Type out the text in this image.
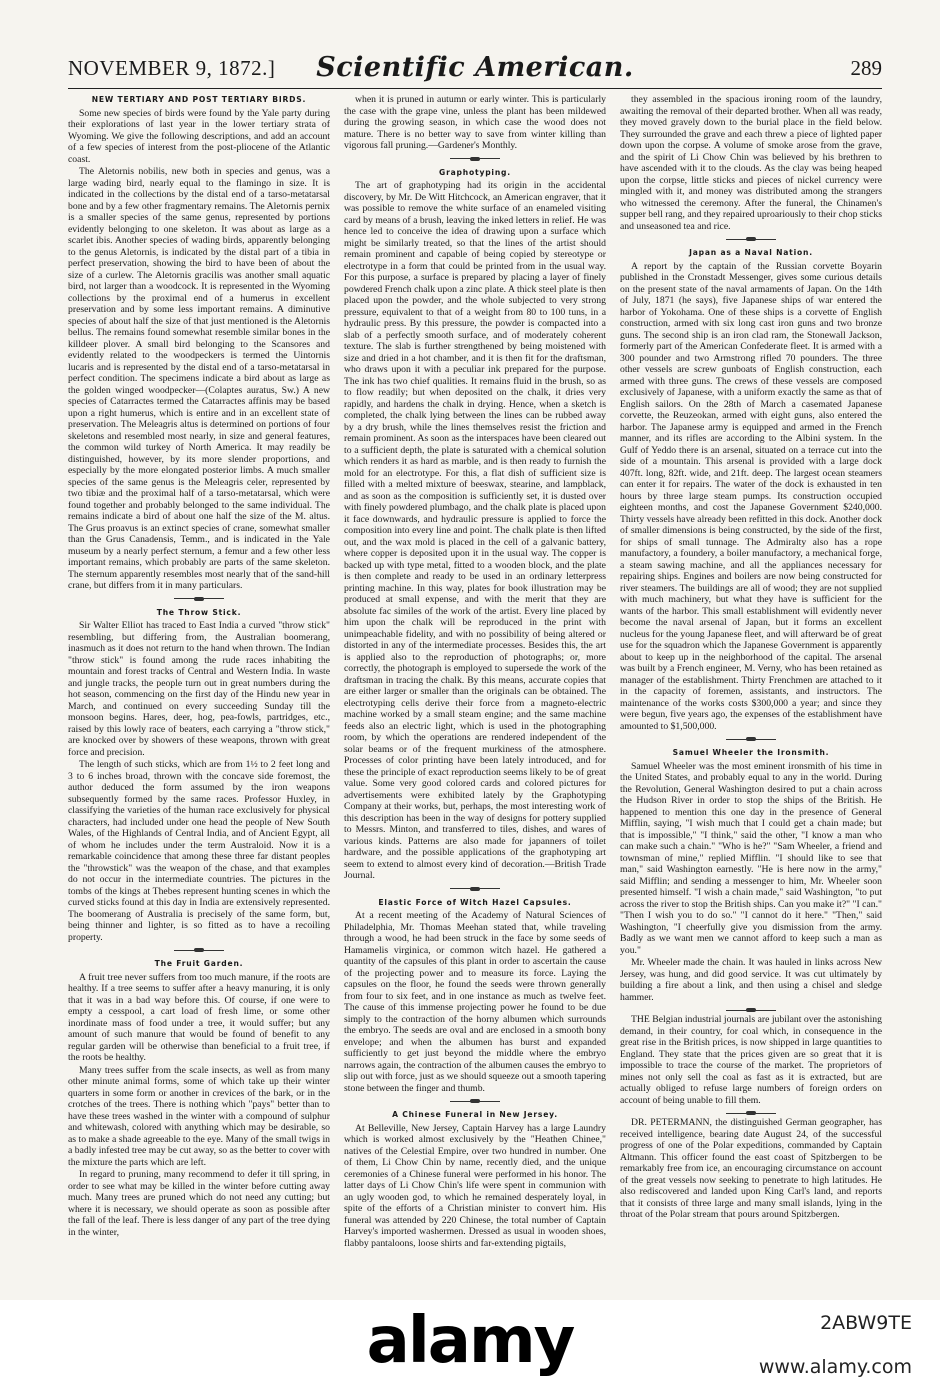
NOVEMBER 9, 1872.]	Scientific American.	289
NEW TERTIARY AND POST TERTIARY BIRDS.

Some new species of birds were found by the Yale party during their explorations of last year in the lower tertiary strata of Wyoming. We give the following descriptions, and add an account of a few species of interest from the post-pliocene of the Atlantic coast.

The Aletornis nobilis, new both in species and genus, was a large wading bird, nearly equal to the flamingo in size. It is indicated in the collections by the distal end of a tarso-metatarsal bone and by a few other fragmentary remains. The Aletornis pernix is a smaller species of the same genus, represented by portions evidently belonging to one skeleton. It was about as large as a scarlet ibis. Another species of wading birds, apparently belonging to the genus Aletornis, is indicated by the distal part of a tibia in perfect preservation, showing the bird to have been of about the size of a curlew. The Aletornis gracilis was another small aquatic bird, not larger than a woodcock. It is represented in the Wyoming collections by the proximal end of a humerus in excellent preservation and by some less important remains. A diminutive species of about half the size of that just mentioned is the Aletornis bellus. The remains found somewhat resemble similar bones in the killdeer plover. A small bird belonging to the Scansores and evidently related to the woodpeckers is termed the Uintornis lucaris and is represented by the distal end of a tarso-metatarsal in perfect condition. The specimens indicate a bird about as large as the golden winged woodpecker—(Colaptes auratus, Sw.) A new species of Catarractes termed the Catarractes affinis may be based upon a right humerus, which is entire and in an excellent state of preservation. The Meleagris altus is determined on portions of four skeletons and resembled most nearly, in size and general features, the common wild turkey of North America. It may readily be distinguished, however, by its more slender proportions, and especially by the more elongated posterior limbs. A much smaller species of the same genus is the Meleagris celer, represented by two tibiæ and the proximal half of a tarso-metatarsal, which were found together and probably belonged to the same individual. The remains indicate a bird of about one half the size of the M. altus. The Grus proavus is an extinct species of crane, somewhat smaller than the Grus Canadensis, Temm., and is indicated in the Yale museum by a nearly perfect sternum, a femur and a few other less important remains, which probably are parts of the same skeleton. The sternum apparently resembles most nearly that of the sand-hill crane, but differs from it in many particulars.

The Throw Stick.

Sir Walter Elliot has traced to East India a curved "throw stick" resembling, but differing from, the Australian boomerang, inasmuch as it does not return to the hand when thrown. The Indian "throw stick" is found among the rude races inhabiting the mountain and forest tracks of Central and Western India. In waste and jungle tracks, the people turn out in great numbers during the hot season, commencing on the first day of the Hindu new year in March, and continued on every succeeding Sunday till the monsoon begins. Hares, deer, hog, pea-fowls, partridges, etc., raised by this lowly race of beaters, each carrying a "throw stick," are knocked over by showers of these weapons, thrown with great force and precision.

The length of such sticks, which are from 1½ to 2 feet long and 3 to 6 inches broad, thrown with the concave side foremost, the author deduced the form assumed by the iron weapons subsequently formed by the same races. Professor Huxley, in classifying the varieties of the human race exclusively for physical characters, had included under one head the people of New South Wales, of the Highlands of Central India, and of Ancient Egypt, all of whom he includes under the term Australoid. Now it is a remarkable coincidence that among these three far distant peoples the "throwstick" was the weapon of the chase, and that examples do not occur in the intermediate countries. The pictures in the tombs of the kings at Thebes represent hunting scenes in which the curved sticks found at this day in India are extensively represented. The boomerang of Australia is precisely of the same form, but, being thinner and lighter, is so fitted as to have a recoiling property.

The Fruit Garden.

A fruit tree never suffers from too much manure, if the roots are healthy. If a tree seems to suffer after a heavy manuring, it is only that it was in a bad way before this. Of course, if one were to empty a cesspool, a cart load of fresh lime, or some other inordinate mass of food under a tree, it would suffer; but any amount of such manure that would be found of benefit to any regular garden will be otherwise than beneficial to a fruit tree, if the roots be healthy.

Many trees suffer from the scale insects, as well as from many other minute animal forms, some of which take up their winter quarters in some form or another in crevices of the bark, or in the crotches of the trees. There is nothing which "pays" better than to have these trees washed in the winter with a compound of sulphur and whitewash, colored with anything which may be desirable, so as to make a shade agreeable to the eye. Many of the small twigs in a badly infested tree may be cut away, so as the better to cover with the mixture the parts which are left.

In regard to pruning, many recommend to defer it till spring, in order to see what may be killed in the winter before cutting away much. Many trees are pruned which do not need any cutting; but where it is necessary, we should operate as soon as possible after the fall of the leaf. There is less danger of any part of the tree dying in the winter,

when it is pruned in autumn or early winter. This is particularly the case with the grape vine, unless the plant has been mildewed during the growing season, in which case the wood does not mature. There is no better way to save from winter killing than vigorous fall pruning.—Gardener's Monthly.

Graphotyping.

The art of graphotyping had its origin in the accidental discovery, by Mr. De Witt Hitchcock, an American engraver, that it was possible to remove the white surface of an enameled visiting card by means of a brush, leaving the inked letters in relief. He was hence led to conceive the idea of drawing upon a surface which might be similarly treated, so that the lines of the artist should remain prominent and capable of being copied by stereotype or electrotype in a form that could be printed from in the usual way. For this purpose, a surface is prepared by placing a layer of finely powdered French chalk upon a zinc plate. A thick steel plate is then placed upon the powder, and the whole subjected to very strong pressure, equivalent to that of a weight from 80 to 100 tuns, in a hydraulic press. By this pressure, the powder is compacted into a slab of a perfectly smooth surface, and of moderately coherent texture. The slab is further strengthened by being moistened with size and dried in a hot chamber, and it is then fit for the draftsman, who draws upon it with a peculiar ink prepared for the purpose. The ink has two chief qualities. It remains fluid in the brush, so as to flow readily; but when deposited on the chalk, it dries very rapidly, and hardens the chalk in drying. Hence, when a sketch is completed, the chalk lying between the lines can be rubbed away by a dry brush, while the lines themselves resist the friction and remain prominent. As soon as the interspaces have been cleared out to a sufficient depth, the plate is saturated with a chemical solution which renders it as hard as marble, and is then ready to furnish the mold for an electrotype. For this, a flat dish of sufficient size is filled with a melted mixture of beeswax, stearine, and lampblack, and as soon as the composition is sufficiently set, it is dusted over with finely powdered plumbago, and the chalk plate is placed upon it face downwards, and hydraulic pressure is applied to force the composition into every line and point. The chalk plate is then lifted out, and the wax mold is placed in the cell of a galvanic battery, where copper is deposited upon it in the usual way. The copper is backed up with type metal, fitted to a wooden block, and the plate is then complete and ready to be used in an ordinary letterpress printing machine. In this way, plates for book illustration may be produced at small expense, and with the merit that they are absolute fac similes of the work of the artist. Every line placed by him upon the chalk will be reproduced in the print with unimpeachable fidelity, and with no possibility of being altered or distorted in any of the intermediate processes. Besides this, the art is applied also to the reproduction of photographs; or, more correctly, the photograph is employed to supersede the work of the draftsman in tracing the chalk. By this means, accurate copies that are either larger or smaller than the originals can be obtained. The electrotyping cells derive their force from a magneto-electric machine worked by a small steam engine; and the same machine feeds also an electric light, which is used in the photographing room, by which the operations are rendered independent of the solar beams or of the frequent murkiness of the atmosphere. Processes of color printing have been lately introduced, and for these the principle of exact reproduction seems likely to be of great value. Some very good colored cards and colored pictures for advertisements were exhibited lately by the Graphotyping Company at their works, but, perhaps, the most interesting work of this description has been in the way of designs for pottery supplied to Messrs. Minton, and transferred to tiles, dishes, and wares of various kinds. Patterns are also made for japanners of toilet hardware, and the possible applications of the graphotyping art seem to extend to almost every kind of decoration.—British Trade Journal.

Elastic Force of Witch Hazel Capsules.

At a recent meeting of the Academy of Natural Sciences of Philadelphia, Mr. Thomas Meehan stated that, while traveling through a wood, he had been struck in the face by some seeds of Hamamelis virginica, or common witch hazel. He gathered a quantity of the capsules of this plant in order to ascertain the cause of the projecting power and to measure its force. Laying the capsules on the floor, he found the seeds were thrown generally from four to six feet, and in one instance as much as twelve feet. The cause of this immense projecting power he found to be due simply to the contraction of the horny albumen which surrounds the embryo. The seeds are oval and are enclosed in a smooth bony envelope; and when the albumen has burst and expanded sufficiently to get just beyond the middle where the embryo narrows again, the contraction of the albumen causes the embryo to slip out with force, just as we should squeeze out a smooth tapering stone between the finger and thumb.

A Chinese Funeral in New Jersey.

At Belleville, New Jersey, Captain Harvey has a large Laundry which is worked almost exclusively by the "Heathen Chinee," natives of the Celestial Empire, over two hundred in number. One of them, Li Chow Chin by name, recently died, and the unique ceremonies of a Chinese funeral were performed in his honor. The latter days of Li Chow Chin's life were spent in communion with an ugly wooden god, to which he remained desperately loyal, in spite of the efforts of a Christian minister to convert him. His funeral was attended by 220 Chinese, the total number of Captain Harvey's imported washermen. Dressed as usual in wooden shoes, flabby pantaloons, loose shirts and far-extending pigtails,

they assembled in the spacious ironing room of the laundry, awaiting the removal of their departed brother. When all was ready, they moved gravely down to the burial place in the field below. They surrounded the grave and each threw a piece of lighted paper down upon the corpse. A volume of smoke arose from the grave, and the spirit of Li Chow Chin was believed by his brethren to have ascended with it to the clouds. As the clay was being heaped upon the corpse, little sticks and pieces of nickel currency were mingled with it, and money was distributed among the strangers who witnessed the ceremony. After the funeral, the Chinamen's supper bell rang, and they repaired uproariously to their chop sticks and unseasoned tea and rice.

Japan as a Naval Nation.

A report by the captain of the Russian corvette Boyarin published in the Cronstadt Messenger, gives some curious details on the present state of the naval armaments of Japan. On the 14th of July, 1871 (he says), five Japanese ships of war entered the harbor of Yokohama. One of these ships is a corvette of English construction, armed with six long cast iron guns and two bronze guns. The second ship is an iron clad ram, the Stonewall Jackson, formerly part of the American Confederate fleet. It is armed with a 300 pounder and two Armstrong rifled 70 pounders. The three other vessels are screw gunboats of English construction, each armed with three guns. The crews of these vessels are composed exclusively of Japanese, with a uniform exactly the same as that of English sailors. On the 28th of March a casemated Japanese corvette, the Reuzeokan, armed with eight guns, also entered the harbor. The Japanese army is equipped and armed in the French manner, and its rifles are according to the Albini system. In the Gulf of Yeddo there is an arsenal, situated on a terrace cut into the side of a mountain. This arsenal is provided with a large dock 407ft. long, 82ft. wide, and 21ft. deep. The largest ocean steamers can enter it for repairs. The water of the dock is exhausted in ten hours by three large steam pumps. Its construction occupied eighteen months, and cost the Japanese Government $240,000. Thirty vessels have already been refitted in this dock. Another dock of smaller dimensions is being constructed, by the side of the first, for ships of small tunnage. The Admiralty also has a rope manufactory, a foundery, a boiler manufactory, a mechanical forge, a steam sawing machine, and all the appliances necessary for repairing ships. Engines and boilers are now being constructed for river steamers. The buildings are all of wood; they are not supplied with much machinery, but what they have is sufficient for the wants of the harbor. This small establishment will evidently never become the naval arsenal of Japan, but it forms an excellent nucleus for the young Japanese fleet, and will afterward be of great use for the squadron which the Japanese Government is apparently about to keep up in the neighborhood of the capital. The arsenal was built by a French engineer, M. Verny, who has been retained as manager of the establishment. Thirty Frenchmen are attached to it in the capacity of foremen, assistants, and instructors. The maintenance of the works costs $300,000 a year; and since they were begun, five years ago, the expenses of the establishment have amounted to $1,500,000.

Samuel Wheeler the Ironsmith.

Samuel Wheeler was the most eminent ironsmith of his time in the United States, and probably equal to any in the world. During the Revolution, General Washington desired to put a chain across the Hudson River in order to stop the ships of the British. He happened to mention this one day in the presence of General Mifflin, saying, "I wish much that I could get a chain made; but that is impossible," "I think," said the other, "I know a man who can make such a chain." "Who is he?" "Sam Wheeler, a friend and townsman of mine," replied Mifflin. "I should like to see that man," said Washington earnestly. "He is here now in the army," said Mifflin; and sending a messenger to him, Mr. Wheeler soon presented himself. "I wish a chain made," said Washington, "to put across the river to stop the British ships. Can you make it?" "I can." "Then I wish you to do so." "I cannot do it here." "Then," said Washington, "I cheerfully give you dismission from the army. Badly as we want men we cannot afford to keep such a man as you."

Mr. Wheeler made the chain. It was hauled in links across New Jersey, was hung, and did good service. It was cut ultimately by building a fire about a link, and then using a chisel and sledge hammer.

THE Belgian industrial journals are jubilant over the astonishing demand, in their country, for coal which, in consequence in the great rise in the British prices, is now shipped in large quantities to England. They state that the prices given are so great that it is impossible to trace the course of the market. The proprietors of mines not only sell the coal as fast as it is extracted, but are actually obliged to refuse large numbers of foreign orders on account of being unable to fill them.

DR. PETERMANN, the distinguished German geographer, has received intelligence, bearing date August 24, of the successful progress of one of the Polar expeditions, commanded by Captain Altmann. This officer found the east coast of Spitzbergen to be remarkably free from ice, an encouraging circumstance on account of the great vessels now seeking to penetrate to high latitudes. He also rediscovered and landed upon King Carl's land, and reports that it consists of three large and many small islands, lying in the throat of the Polar stream that pours around Spitzbergen.

alamy	2ABW9TE
www.alamy.com
